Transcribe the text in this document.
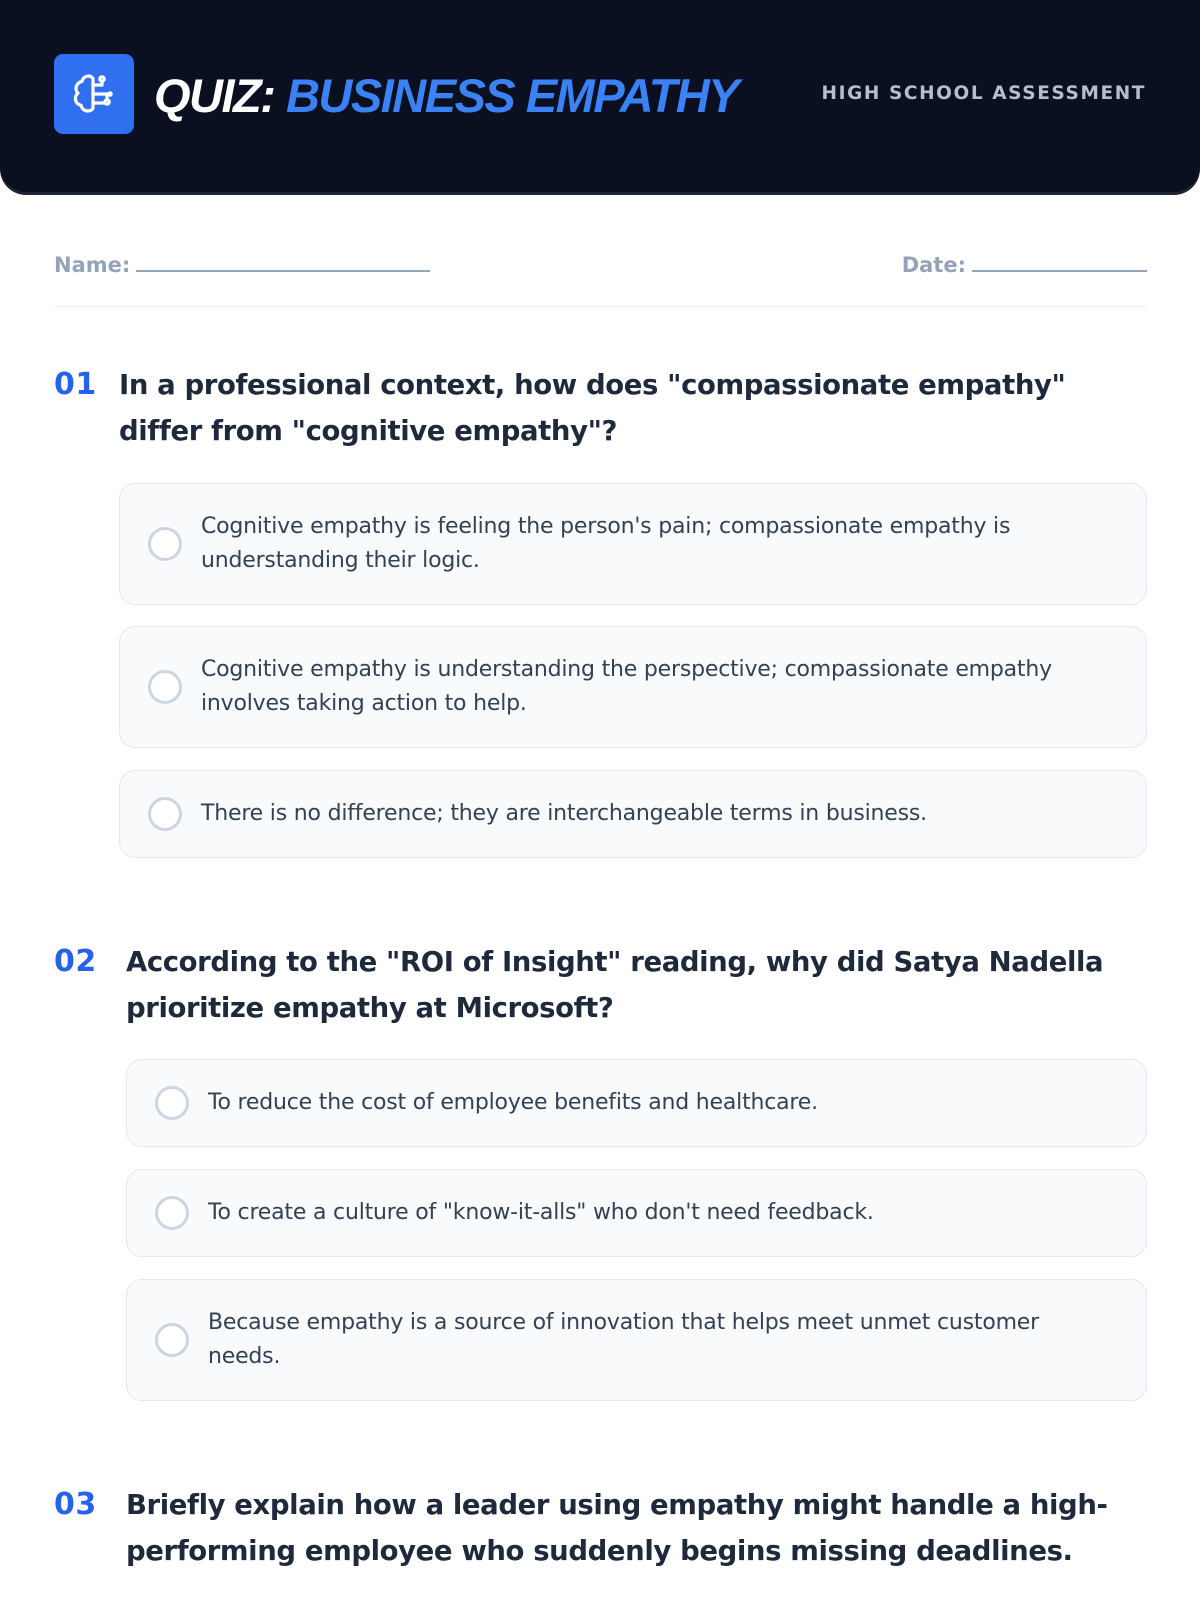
QUIZ: BUSINESS EMPATHY	HIGH SCHOOL ASSESSMENT
Name:	Date:
01 In a professional context, how does "compassionate empathy" differ from "cognitive empathy"?
Cognitive empathy is feeling the person's pain; compassionate empathy is understanding their logic.
Cognitive empathy is understanding the perspective; compassionate empathy involves taking action to help.
There is no difference; they are interchangeable terms in business.
02 According to the "ROI of Insight" reading, why did Satya Nadella prioritize empathy at Microsoft?
To reduce the cost of employee benefits and healthcare.
To create a culture of "know-it-alls" who don't need feedback.
Because empathy is a source of innovation that helps meet unmet customer needs.
03 Briefly explain how a leader using empathy might handle a high-performing employee who suddenly begins missing deadlines.
